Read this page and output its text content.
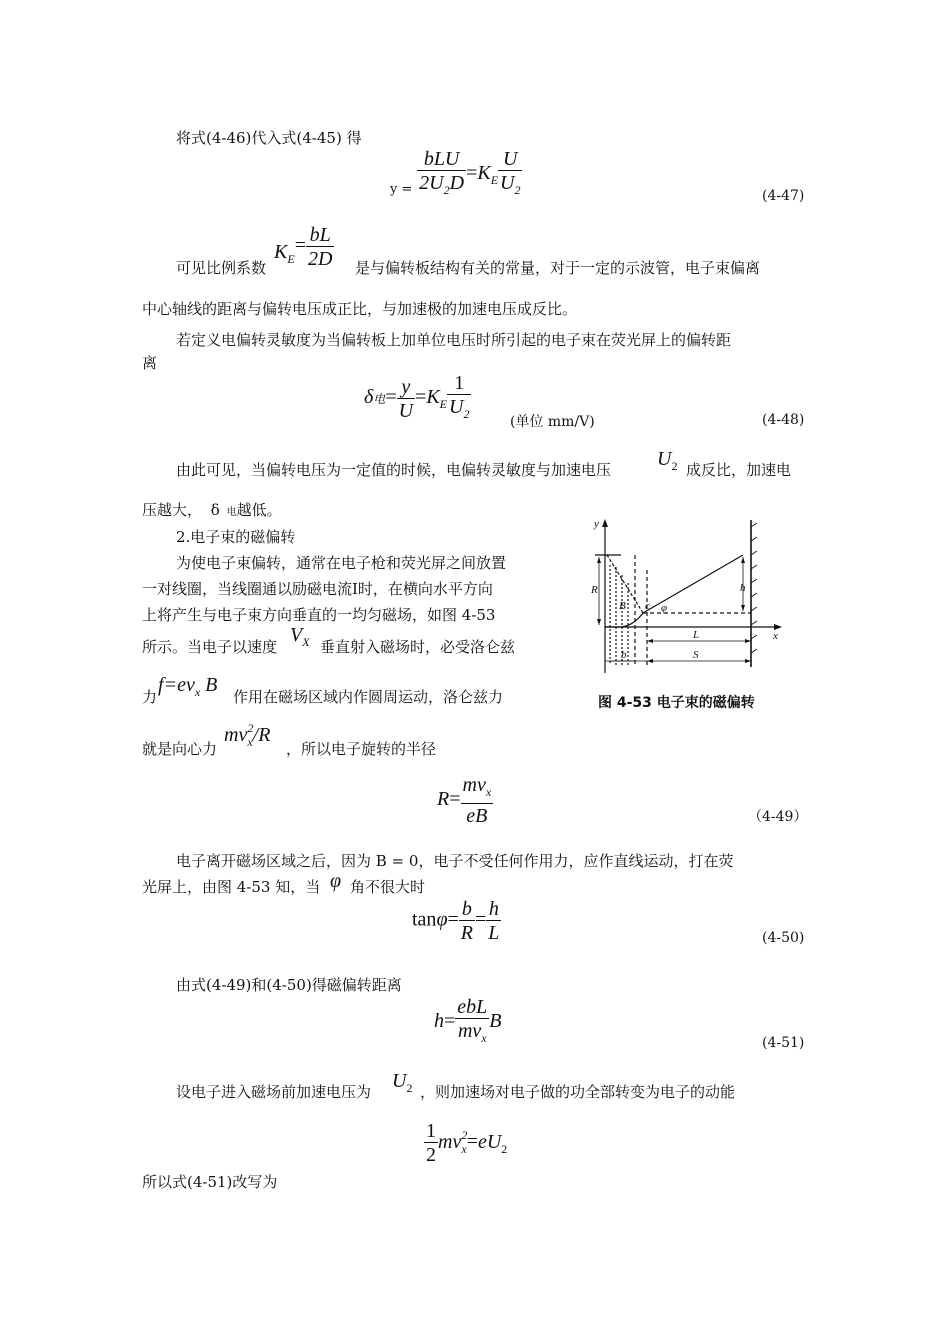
将式(4-46)代入式(4-45) 得
$y = \frac{\text{bLU}}{2U_2D} =K_E \frac{U}{U_2}$	(4-47)
可见比例系数
$K_E= \frac{bL}{2D}$ 是与偏转板结构有关的常量，对于一定的示波管，电子束偏离
中心轴线的距离与偏转电压成正比，与加速极的加速电压成反比。
若定义电偏转灵敏度为当偏转板上加单位电压时所引起的电子束在荧光屏上的偏转距
离
δ电= $\frac{y}{U} =K_E \frac{1}{U_2}$	(单位 mm/V)	(4-48)
由此可见，当偏转电压为一定值的时候，电偏转灵敏度与加速电压 $U_2$ 成反比，加速电
压越大， δ 电越低。
2.电子束的磁偏转
为使电子束偏转，通常在电子枪和荧光屏之间放置
一对线圈，当线圈通以励磁电流Ⅰ时，在横向水平方向
上将产生与电子束方向垂直的一均匀磁场，如图 4-53
所示。当电子以速度
$V_X$ 垂直射入磁场时，必受洛仑兹
力
$f=ev_x$ B
作用在磁场区域内作圆周运动，洛仑兹力
就是向心力
mv $_{2 x}$/R
，所以电子旋转的半径
y
x
R
B c φ
h
L
b	S
图 4-53 电子束的磁偏转
$R= \frac{mv_x}{eB}$	（4-49）
电子离开磁场区域之后，因为 B = 0，电子不受任何作用力，应作直线运动，打在荧
光屏上，由图 4-53 知，当 φ 角不很大时
$\tan\varphi= \frac{b}{R} = \frac{h}{L}$	(4-50)
由式(4-49)和(4-50)得磁偏转距离
$h= \frac{\text{ebL}}{mv_x}$ B
(4-51)
设电子进入磁场前加速电压为 $U_2$ ，则加速场对电子做的功全部转变为电子的动能
$\frac{1}{2}$ mv $_{2 x}=eU_2$
所以式(4-51)改写为
